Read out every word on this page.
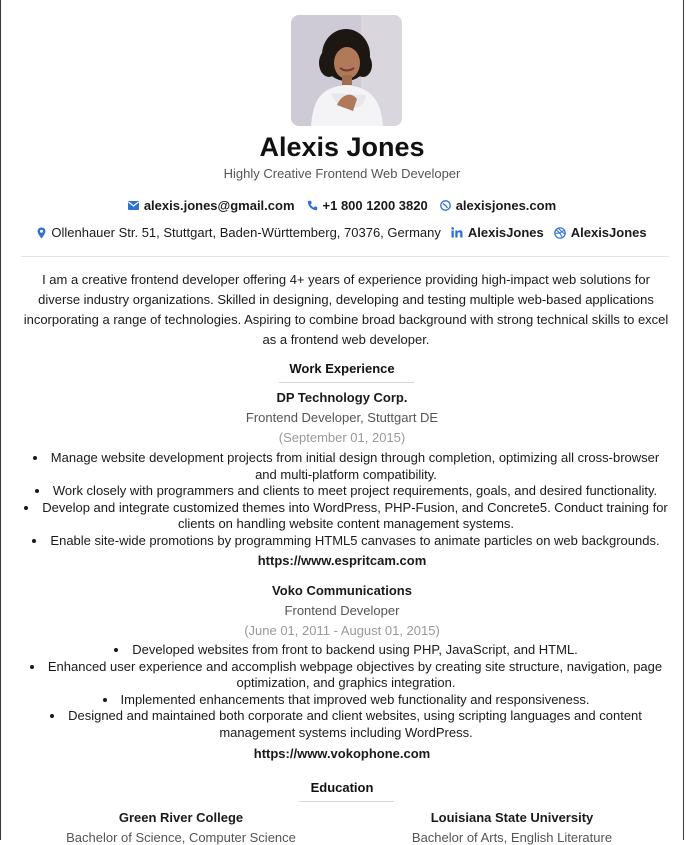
Alexis Jones
Highly Creative Frontend Web Developer
alexis.jones@gmail.com +1 800 1200 3820 alexisjones.com
Ollenhauer Str. 51, Stuttgart, Baden-Württemberg, 70376, Germany AlexisJones AlexisJones
I am a creative frontend developer offering 4+ years of experience providing high-impact web solutions for diverse industry organizations. Skilled in designing, developing and testing multiple web-based applications incorporating a range of technologies. Aspiring to combine broad background with strong technical skills to excel as a frontend web developer.
Work Experience
DP Technology Corp.
Frontend Developer, Stuttgart DE
(September 01, 2015)
• Manage website development projects from initial design through completion, optimizing all cross-browser and multi-platform compatibility.
• Work closely with programmers and clients to meet project requirements, goals, and desired functionality.
• Develop and integrate customized themes into WordPress, PHP-Fusion, and Concrete5. Conduct training for clients on handling website content management systems.
• Enable site-wide promotions by programming HTML5 canvases to animate particles on web backgrounds.
https://www.espritcam.com
Voko Communications
Frontend Developer
(June 01, 2011 - August 01, 2015)
• Developed websites from front to backend using PHP, JavaScript, and HTML.
• Enhanced user experience and accomplish webpage objectives by creating site structure, navigation, page optimization, and graphics integration.
• Implemented enhancements that improved web functionality and responsiveness.
• Designed and maintained both corporate and client websites, using scripting languages and content management systems including WordPress.
https://www.vokophone.com
Education
Green River College
Bachelor of Science, Computer Science
Louisiana State University
Bachelor of Arts, English Literature
